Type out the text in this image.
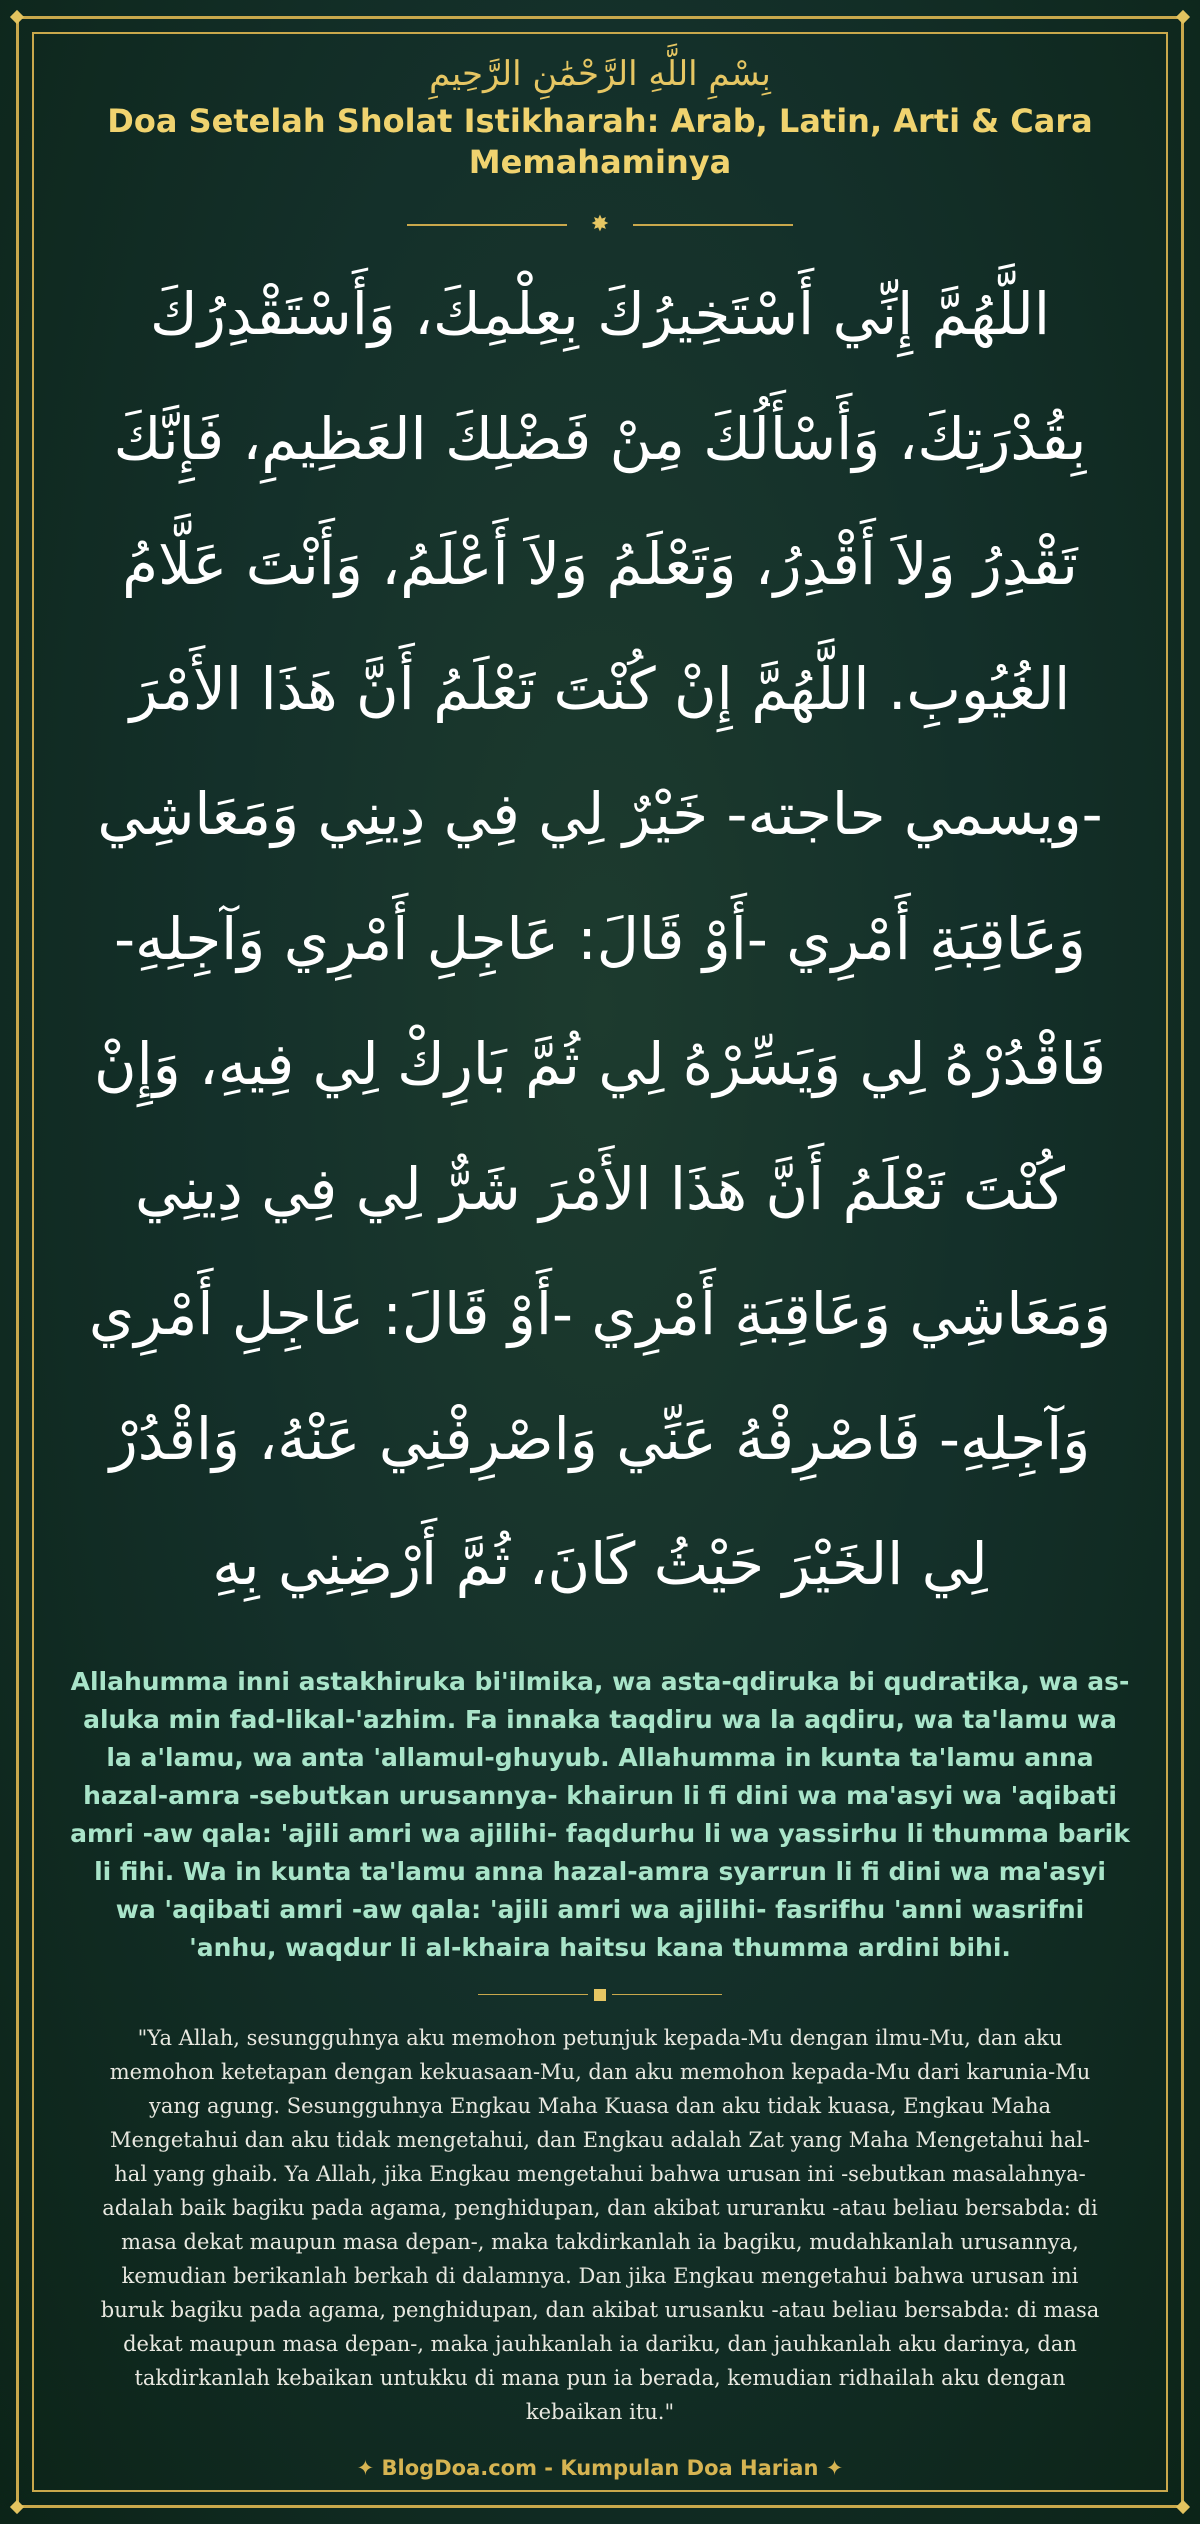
بِسْمِ اللَّهِ الرَّحْمَٰنِ الرَّحِيمِ
Doa Setelah Sholat Istikharah: Arab, Latin, Arti & Cara Memahaminya
✸
اللَّهُمَّ إِنِّي أَسْتَخِيرُكَ بِعِلْمِكَ، وَأَسْتَقْدِرُكَ بِقُدْرَتِكَ، وَأَسْأَلُكَ مِنْ فَضْلِكَ العَظِيمِ، فَإِنَّكَ تَقْدِرُ وَلاَ أَقْدِرُ، وَتَعْلَمُ وَلاَ أَعْلَمُ، وَأَنْتَ عَلَّامُ الغُيُوبِ. اللَّهُمَّ إِنْ كُنْتَ تَعْلَمُ أَنَّ هَذَا الأَمْرَ -ويسمي حاجته- خَيْرٌ لِي فِي دِينِي وَمَعَاشِي وَعَاقِبَةِ أَمْرِي -أَوْ قَالَ: عَاجِلِ أَمْرِي وَآجِلِهِ- فَاقْدُرْهُ لِي وَيَسِّرْهُ لِي ثُمَّ بَارِكْ لِي فِيهِ، وَإِنْ كُنْتَ تَعْلَمُ أَنَّ هَذَا الأَمْرَ شَرٌّ لِي فِي دِينِي وَمَعَاشِي وَعَاقِبَةِ أَمْرِي -أَوْ قَالَ: عَاجِلِ أَمْرِي وَآجِلِهِ- فَاصْرِفْهُ عَنِّي وَاصْرِفْنِي عَنْهُ، وَاقْدُرْ لِي الخَيْرَ حَيْثُ كَانَ، ثُمَّ أَرْضِنِي بِهِ
Allahumma inni astakhiruka bi'ilmika, wa asta-qdiruka bi qudratika, wa as-aluka min fad-likal-'azhim. Fa innaka taqdiru wa la aqdiru, wa ta'lamu wa la a'lamu, wa anta 'allamul-ghuyub. Allahumma in kunta ta'lamu anna hazal-amra -sebutkan urusannya- khairun li fi dini wa ma'asyi wa 'aqibati amri -aw qala: 'ajili amri wa ajilihi- faqdurhu li wa yassirhu li thumma barik li fihi. Wa in kunta ta'lamu anna hazal-amra syarrun li fi dini wa ma'asyi wa 'aqibati amri -aw qala: 'ajili amri wa ajilihi- fasrifhu 'anni wasrifni 'anhu, waqdur li al-khaira haitsu kana thumma ardini bihi.
"Ya Allah, sesungguhnya aku memohon petunjuk kepada-Mu dengan ilmu-Mu, dan aku memohon ketetapan dengan kekuasaan-Mu, dan aku memohon kepada-Mu dari karunia-Mu yang agung. Sesungguhnya Engkau Maha Kuasa dan aku tidak kuasa, Engkau Maha Mengetahui dan aku tidak mengetahui, dan Engkau adalah Zat yang Maha Mengetahui hal-hal yang ghaib. Ya Allah, jika Engkau mengetahui bahwa urusan ini -sebutkan masalahnya- adalah baik bagiku pada agama, penghidupan, dan akibat ururanku -atau beliau bersabda: di masa dekat maupun masa depan-, maka takdirkanlah ia bagiku, mudahkanlah urusannya, kemudian berikanlah berkah di dalamnya. Dan jika Engkau mengetahui bahwa urusan ini buruk bagiku pada agama, penghidupan, dan akibat urusanku -atau beliau bersabda: di masa dekat maupun masa depan-, maka jauhkanlah ia dariku, dan jauhkanlah aku darinya, dan takdirkanlah kebaikan untukku di mana pun ia berada, kemudian ridhailah aku dengan kebaikan itu."
✦ BlogDoa.com - Kumpulan Doa Harian ✦
